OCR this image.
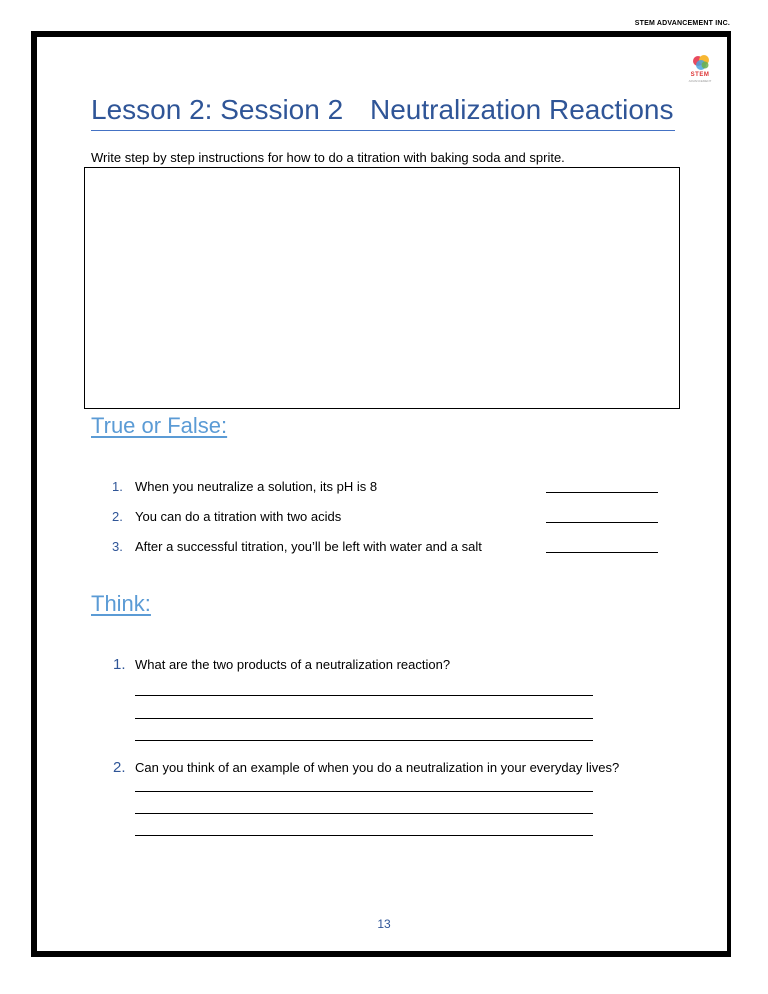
STEM ADVANCEMENT INC.
STEM
ADVANCEMENT
Lesson 2: Session 2 Neutralization Reactions
Write step by step instructions for how to do a titration with baking soda and sprite.
True or False:
1. When you neutralize a solution, its pH is 8
2. You can do a titration with two acids
3. After a successful titration, you’ll be left with water and a salt
Think:
1. What are the two products of a neutralization reaction?
2. Can you think of an example of when you do a neutralization in your everyday lives?
13
